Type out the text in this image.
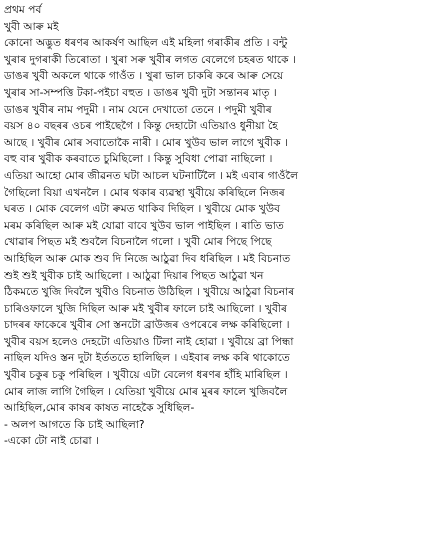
প্ৰথম পৰ্ব
খুবী আৰু মই
কোনো অদ্ভুত ধৰণৰ আকৰ্ষণ আছিল এই মহিলা গৰাকীৰ প্ৰতি । বন্টু
খুৰাৰ দুগৰাকী তিৰোতা । খুৰা সৰু খুবীৰ লগত বেলেগে চহৰত থাকে ।
ডাঙৰ খুবী অকলে থাকে গাওঁত । খুৰা ভাল চাকৰি কৰে আৰু সেয়ে
খুৰাৰ সা-সম্পত্তি টকা-পইচা বহুত । ডাঙৰ খুবী দুটা সন্তানৰ মাতৃ ।
ডাঙৰ খুবীৰ নাম পদুমী । নাম যেনে দেখাতো তেনে । পদুমী খুবীৰ
বয়স ৪০ বছৰৰ ওচৰ পাইছেগৈ । কিন্তু দেহাটো এতিয়াও ধুনীয়া হৈ
আছে । খুবীৰ মোৰ সবাতোকৈ নাৰী । মোৰ খুউব ভাল লাগে খুবীক ।
বহু বাৰ খুবীক কৰবাতে চুমিছিলো । কিন্তু সুবিধা পোৱা নাছিলো ।
এতিয়া আহো মোৰ জীৱনত ঘটা আচল ঘটনাটিলৈ । মই এবাৰ গাওঁলৈ
গৈছিলো বিয়া এখনলৈ । মোৰ থকাৰ ব্যৱস্থা খুবীয়ে কৰিছিলে নিজৰ
ঘৰত । মোক বেলেগ এটা ৰুমত থাকিব দিছিল । খুবীয়ে মোক খুউব
মৰম কৰিছিল আৰু মই যোৱা বাবে খুউব ভাল পাইছিল । ৰাতি ভাত
খোৱাৰ পিছত মই শুবলৈ বিচনালৈ গলো । খুবী মোৰ পিছে পিছে
আহিছিল আৰু মোক শুব দি নিজে আঠুৱা দিব ধৰিছিল । মই বিচনাত
শুই শুই খুবীক চাই আছিলো । আঠুৱা দিয়াৰ পিছত আঠুৱা খন
ঠিকমতে খুজি দিবলৈ খুবীও বিচনাত উঠিছিল । খুবীয়ে আঠুৱা বিচনাৰ
চাৰিওফালে খুজি দিছিল আৰু মই খুবীৰ ফালে চাই আছিলো । খুবীৰ
চাদৰৰ ফাকেৰে খুবীৰ সো স্তনটো ব্ৰাউজৰ ওপৰেৰে লক্ষ কৰিছিলো ।
খুবীৰ বয়স হলেও দেহটো এতিয়াও টিলা নাই হোৱা । খুবীয়ে ব্ৰা পিন্ধা
নাছিল যদিও স্তন দুটা ইৰ্তততে হালিছিল । এইবাৰ লক্ষ কৰি থাকোতে
খুবীৰ চকুৰ চকু পৰিছিল । খুবীয়ে এটা বেলেগ ধৰণৰ হাঁহি মাৰিছিল ।
মোৰ লাজ লাগি গৈছিল । যেতিয়া খুবীয়ে মোৰ মুৰৰ ফালে খুজিবলৈ
আহিছিল,মোৰ কাষৰ কাষত নাহেকৈ সুধিছিল-
- অলপ আগতে কি চাই আছিলা?
-একো টো নাই চোৱা ।
